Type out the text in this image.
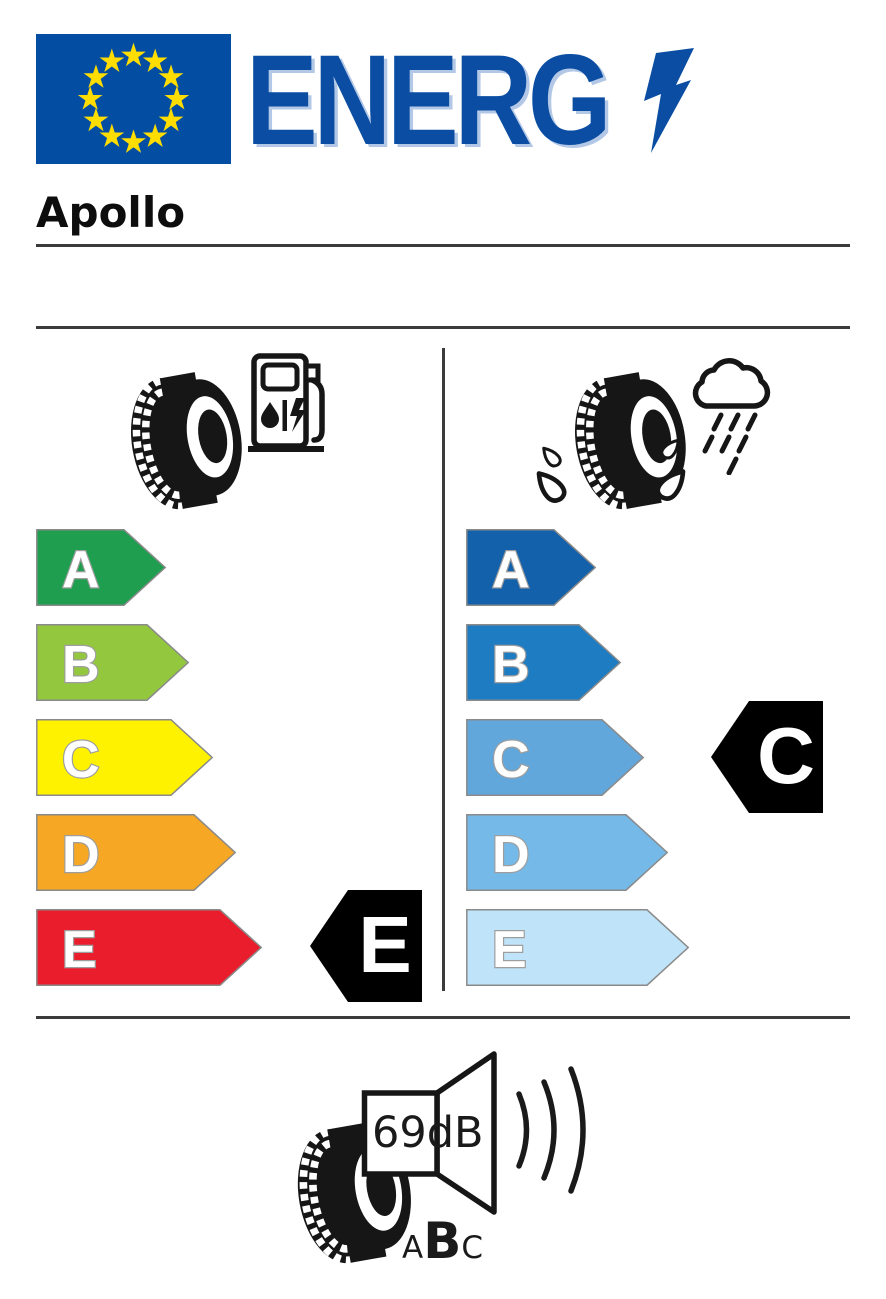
ENERG
Apollo
A
B
C
D
E	E
A
B
C
D
E
C
69dB
A B C
